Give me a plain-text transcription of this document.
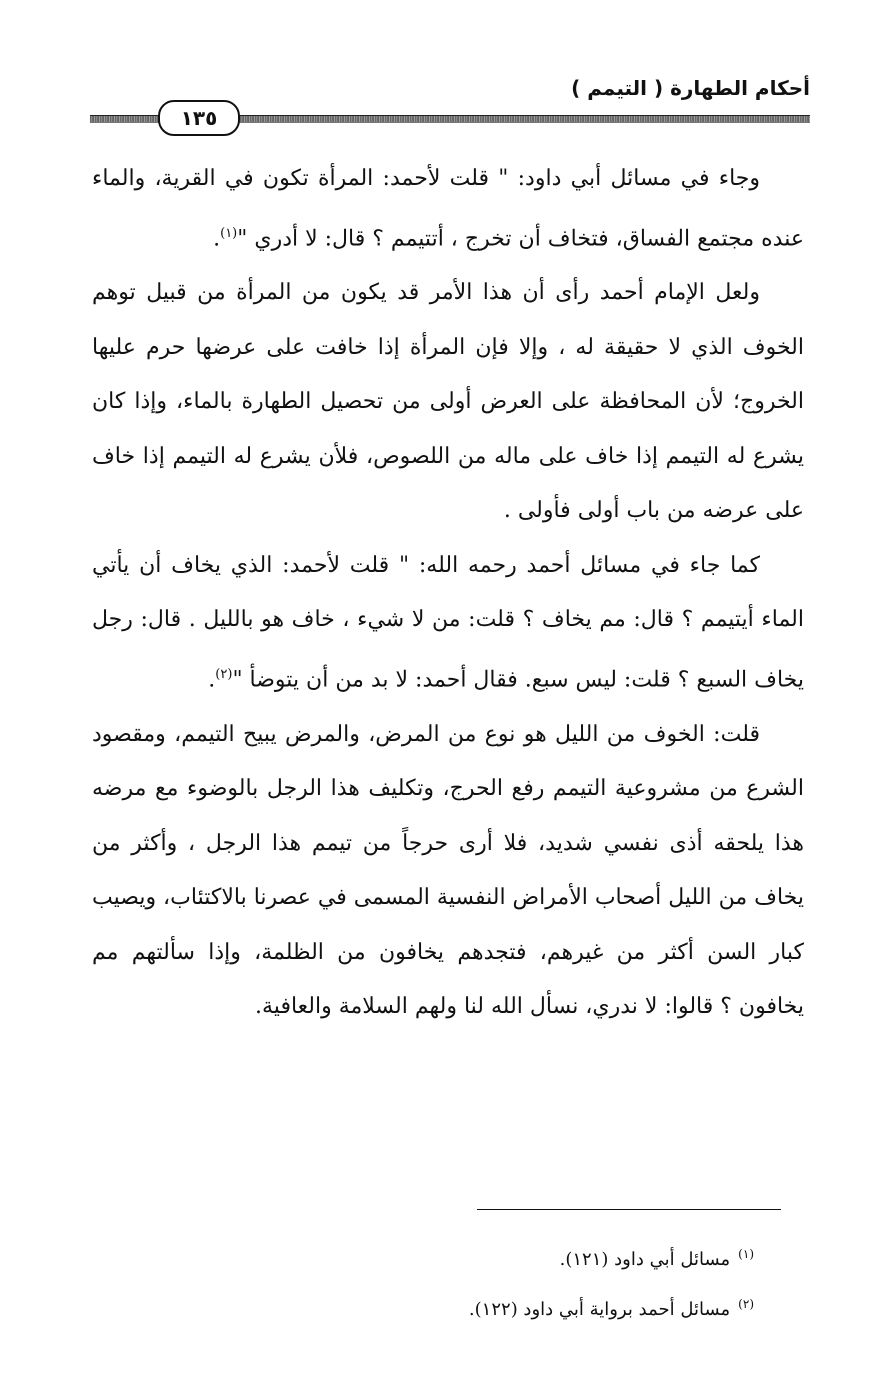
أحكام الطهارة ( التيمم )
١٣٥

وجاء في مسائل أبي داود: " قلت لأحمد: المرأة تكون في القرية، والماء عنده مجتمع الفساق، فتخاف أن تخرج ، أتتيمم ؟ قال: لا أدري "$^{(١)}$.

ولعل الإمام أحمد رأى أن هذا الأمر قد يكون من المرأة من قبيل توهم الخوف الذي لا حقيقة له ، وإلا فإن المرأة إذا خافت على عرضها حرم عليها الخروج؛ لأن المحافظة على العرض أولى من تحصيل الطهارة بالماء، وإذا كان يشرع له التيمم إذا خاف على ماله من اللصوص، فلأن يشرع له التيمم إذا خاف على عرضه من باب أولى فأولى .

كما جاء في مسائل أحمد رحمه الله: " قلت لأحمد: الذي يخاف أن يأتي الماء أيتيمم ؟ قال: مم يخاف ؟ قلت: من لا شيء ، خاف هو بالليل . قال: رجل يخاف السبع ؟ قلت: ليس سبع. فقال أحمد: لا بد من أن يتوضأ "$^{(٢)}$.

قلت: الخوف من الليل هو نوع من المرض، والمرض يبيح التيمم، ومقصود الشرع من مشروعية التيمم رفع الحرج، وتكليف هذا الرجل بالوضوء مع مرضه هذا يلحقه أذى نفسي شديد، فلا أرى حرجاً من تيمم هذا الرجل ، وأكثر من يخاف من الليل أصحاب الأمراض النفسية المسمى في عصرنا بالاكتئاب، ويصيب كبار السن أكثر من غيرهم، فتجدهم يخافون من الظلمة، وإذا سألتهم مم يخافون ؟ قالوا: لا ندري، نسأل الله لنا ولهم السلامة والعافية.

$^{(١)}$مسائل أبي داود (١٢١).
$^{(٢)}$مسائل أحمد برواية أبي داود (١٢٢).
